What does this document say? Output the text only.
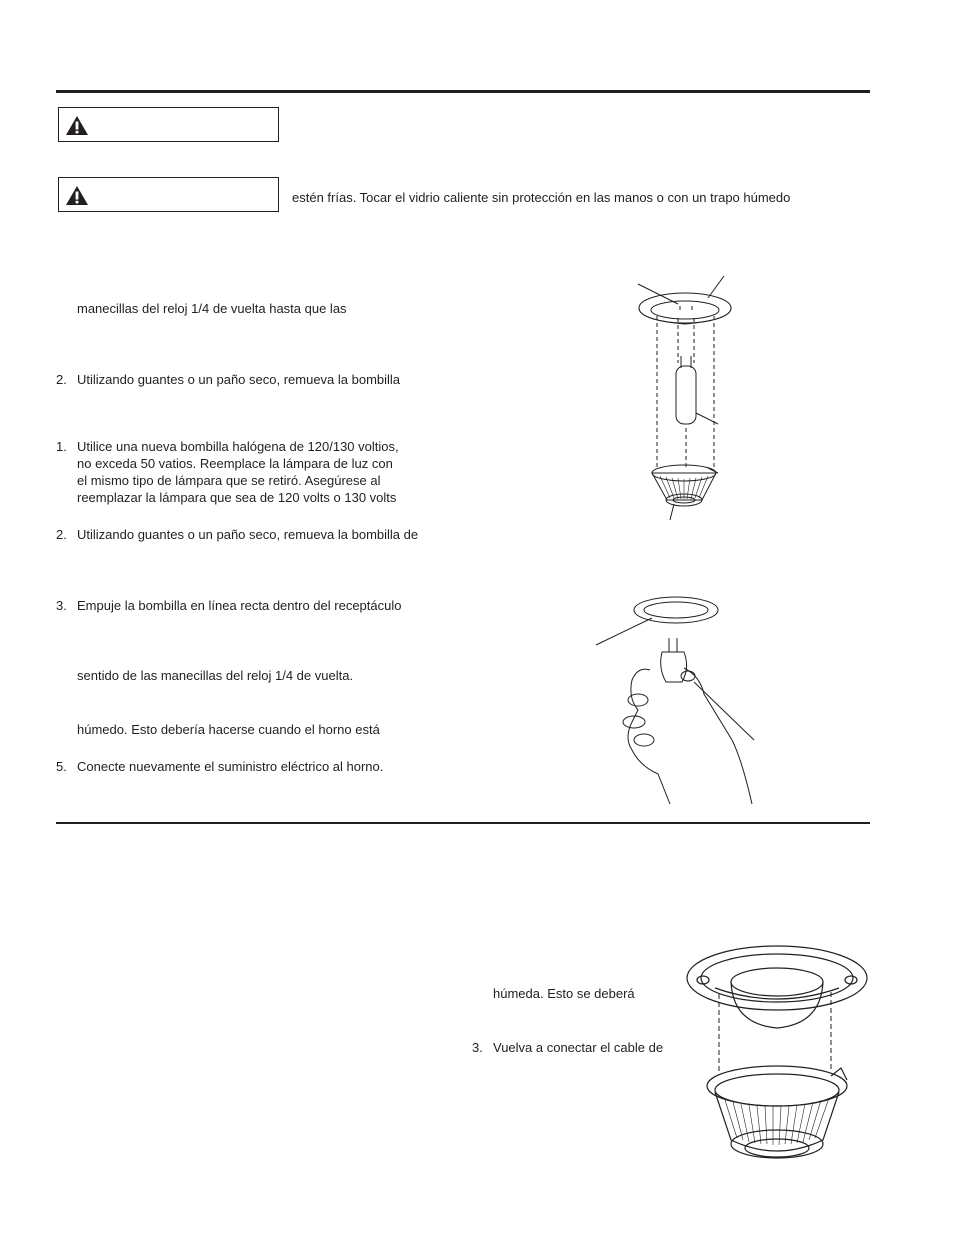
estén frías. Tocar el vidrio caliente sin protección en las manos o con un trapo húmedo
manecillas del reloj 1/4 de vuelta hasta que las
2. Utilizando guantes o un paño seco, remueva la bombilla
1. Utilice una nueva bombilla halógena de 120/130 voltios,
no exceda 50 vatios. Reemplace la lámpara de luz con
el mismo tipo de lámpara que se retiró. Asegúrese al
reemplazar la lámpara que sea de 120 volts o 130 volts
2. Utilizando guantes o un paño seco, remueva la bombilla de
3. Empuje la bombilla en línea recta dentro del receptáculo
sentido de las manecillas del reloj 1/4 de vuelta.
húmedo. Esto debería hacerse cuando el horno está
5. Conecte nuevamente el suministro eléctrico al horno.
húmeda. Esto se deberá
3. Vuelva a conectar el cable de
